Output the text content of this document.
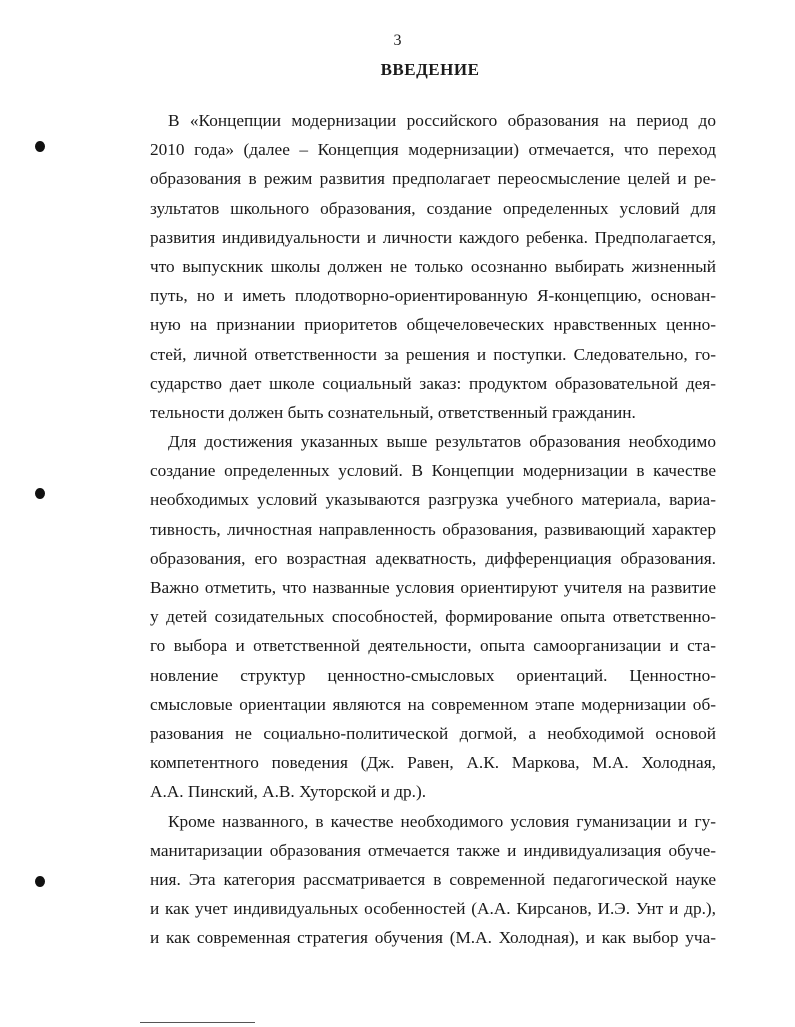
3
ВВЕДЕНИЕ
В «Концепции модернизации российского образования на период до
2010 года» (далее – Концепция модернизации) отмечается, что переход
образования в режим развития предполагает переосмысление целей и ре-
зультатов школьного образования, создание определенных условий для
развития индивидуальности и личности каждого ребенка. Предполагается,
что выпускник школы должен не только осознанно выбирать жизненный
путь, но и иметь плодотворно-ориентированную Я-концепцию, основан-
ную на признании приоритетов общечеловеческих нравственных ценно-
стей, личной ответственности за решения и поступки. Следовательно, го-
сударство дает школе социальный заказ: продуктом образовательной дея-
тельности должен быть сознательный, ответственный гражданин.
Для достижения указанных выше результатов образования необходимо
создание определенных условий. В Концепции модернизации в качестве
необходимых условий указываются разгрузка учебного материала, вариа-
тивность, личностная направленность образования, развивающий характер
образования, его возрастная адекватность, дифференциация образования.
Важно отметить, что названные условия ориентируют учителя на развитие
у детей созидательных способностей, формирование опыта ответственно-
го выбора и ответственной деятельности, опыта самоорганизации и ста-
новление структур ценностно-смысловых ориентаций. Ценностно-
смысловые ориентации являются на современном этапе модернизации об-
разования не социально-политической догмой, а необходимой основой
компетентного поведения (Дж. Равен, А.К. Маркова, М.А. Холодная,
А.А. Пинский, А.В. Хуторской и др.).
Кроме названного, в качестве необходимого условия гуманизации и гу-
манитаризации образования отмечается также и индивидуализация обуче-
ния. Эта категория рассматривается в современной педагогической науке
и как учет индивидуальных особенностей (А.А. Кирсанов, И.Э. Унт и др.),
и как современная стратегия обучения (М.А. Холодная), и как выбор уча-
